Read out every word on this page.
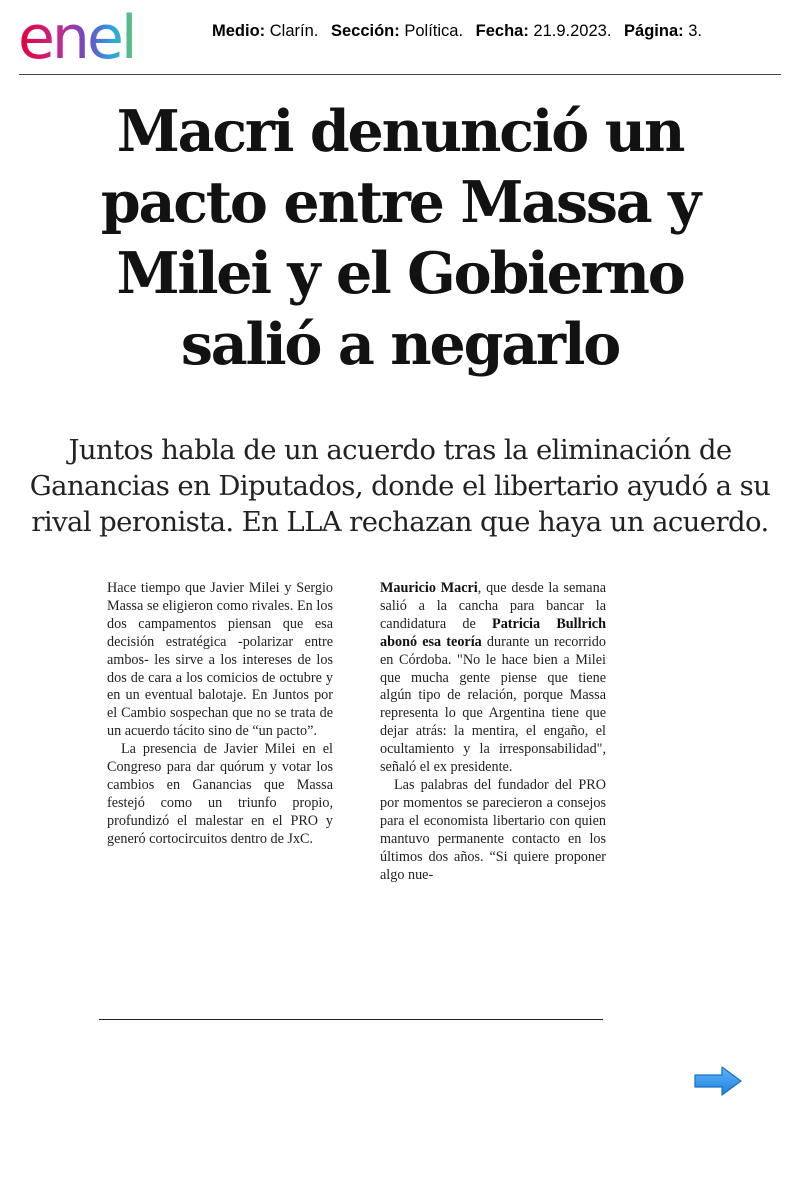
enel	Medio: Clarín. Sección: Política. Fecha: 21.9.2023. Página: 3.
Macri denunció un
pacto entre Massa y
Milei y el Gobierno
salió a negarlo

Juntos habla de un acuerdo tras la eliminación de
Ganancias en Diputados, donde el libertario ayudó a su
rival peronista. En LLA rechazan que haya un acuerdo.

Hace tiempo que Javier Milei y Sergio Massa se eligieron como rivales. En los dos campamentos piensan que esa decisión estratégica -polarizar entre ambos- les sirve a los intereses de los dos de cara a los comicios de octubre y en un eventual balotaje. En Juntos por el Cambio sospechan que no se trata de un acuerdo tácito sino de “un pacto”.

La presencia de Javier Milei en el Congreso para dar quórum y votar los cambios en Ganancias que Massa festejó como un triunfo propio, profundizó el malestar en el PRO y generó cortocircuitos dentro de JxC.

Mauricio Macri, que desde la semana salió a la cancha para bancar la candidatura de Patricia Bullrich abonó esa teoría durante un recorrido en Córdoba. "No le hace bien a Milei que mucha gente piense que tiene algún tipo de relación, porque Massa representa lo que Argentina tiene que dejar atrás: la mentira, el engaño, el ocultamiento y la irresponsabilidad", señaló el ex presidente.

Las palabras del fundador del PRO por momentos se parecieron a consejos para el economista libertario con quien mantuvo permanente contacto en los últimos dos años. “Si quiere proponer algo nue-
